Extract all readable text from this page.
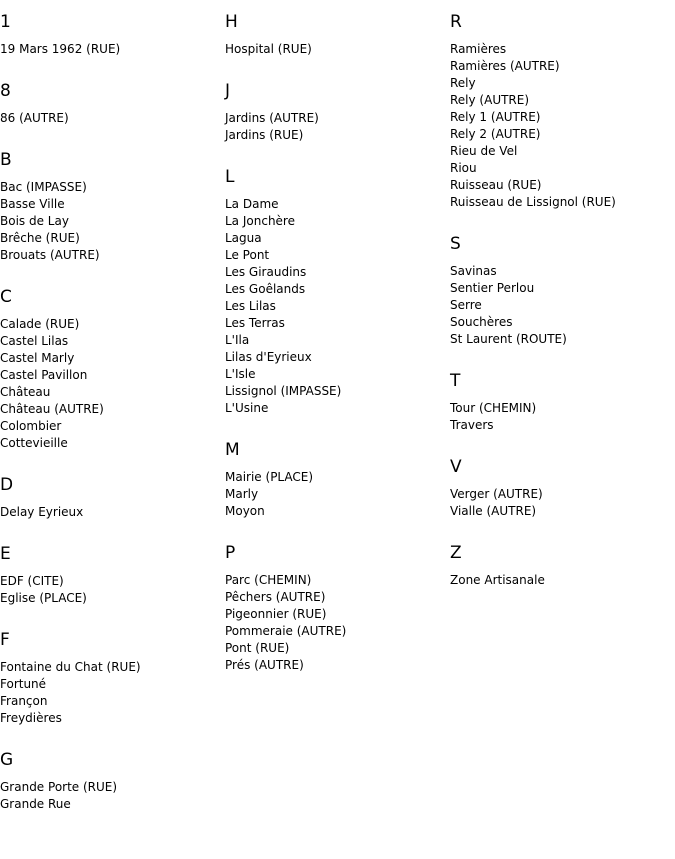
1
19 Mars 1962 (RUE)
8
86 (AUTRE)
B
Bac (IMPASSE)
Basse Ville
Bois de Lay
Brêche (RUE)
Brouats (AUTRE)
C
Calade (RUE)
Castel Lilas
Castel Marly
Castel Pavillon
Château
Château (AUTRE)
Colombier
Cottevieille
D
Delay Eyrieux
E
EDF (CITE)
Eglise (PLACE)
F
Fontaine du Chat (RUE)
Fortuné
Françon
Freydières
G
Grande Porte (RUE)
Grande Rue
H
Hospital (RUE)
J
Jardins (AUTRE)
Jardins (RUE)
L
La Dame
La Jonchère
Lagua
Le Pont
Les Giraudins
Les Goêlands
Les Lilas
Les Terras
L'Ila
Lilas d'Eyrieux
L'Isle
Lissignol (IMPASSE)
L'Usine
M
Mairie (PLACE)
Marly
Moyon
P
Parc (CHEMIN)
Pêchers (AUTRE)
Pigeonnier (RUE)
Pommeraie (AUTRE)
Pont (RUE)
Prés (AUTRE)
R
Ramières
Ramières (AUTRE)
Rely
Rely (AUTRE)
Rely 1 (AUTRE)
Rely 2 (AUTRE)
Rieu de Vel
Riou
Ruisseau (RUE)
Ruisseau de Lissignol (RUE)
S
Savinas
Sentier Perlou
Serre
Souchères
St Laurent (ROUTE)
T
Tour (CHEMIN)
Travers
V
Verger (AUTRE)
Vialle (AUTRE)
Z
Zone Artisanale
